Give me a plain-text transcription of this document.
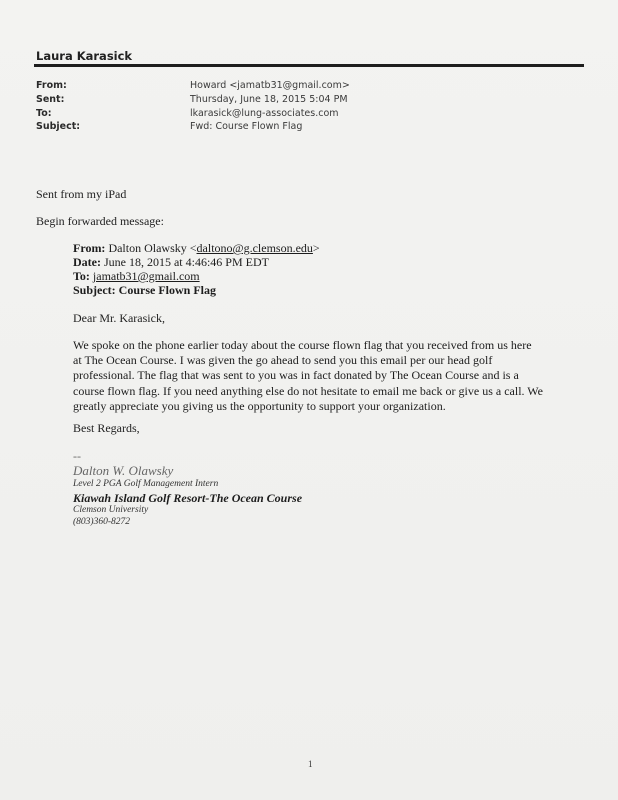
Laura Karasick
From:	Howard <jamatb31@gmail.com>
Sent:	Thursday, June 18, 2015 5:04 PM
To:	lkarasick@lung-associates.com
Subject:	Fwd: Course Flown Flag
Sent from my iPad
Begin forwarded message:
From: Dalton Olawsky <daltono@g.clemson.edu>
Date: June 18, 2015 at 4:46:46 PM EDT
To: jamatb31@gmail.com
Subject: Course Flown Flag
Dear Mr. Karasick,
We spoke on the phone earlier today about the course flown flag that you received from us here at The Ocean Course. I was given the go ahead to send you this email per our head golf professional. The flag that was sent to you was in fact donated by The Ocean Course and is a course flown flag. If you need anything else do not hesitate to email me back or give us a call. We greatly appreciate you giving us the opportunity to support your organization.
Best Regards,
--
Dalton W. Olawsky
Level 2 PGA Golf Management Intern
Kiawah Island Golf Resort-The Ocean Course
Clemson University
(803)360-8272
1
